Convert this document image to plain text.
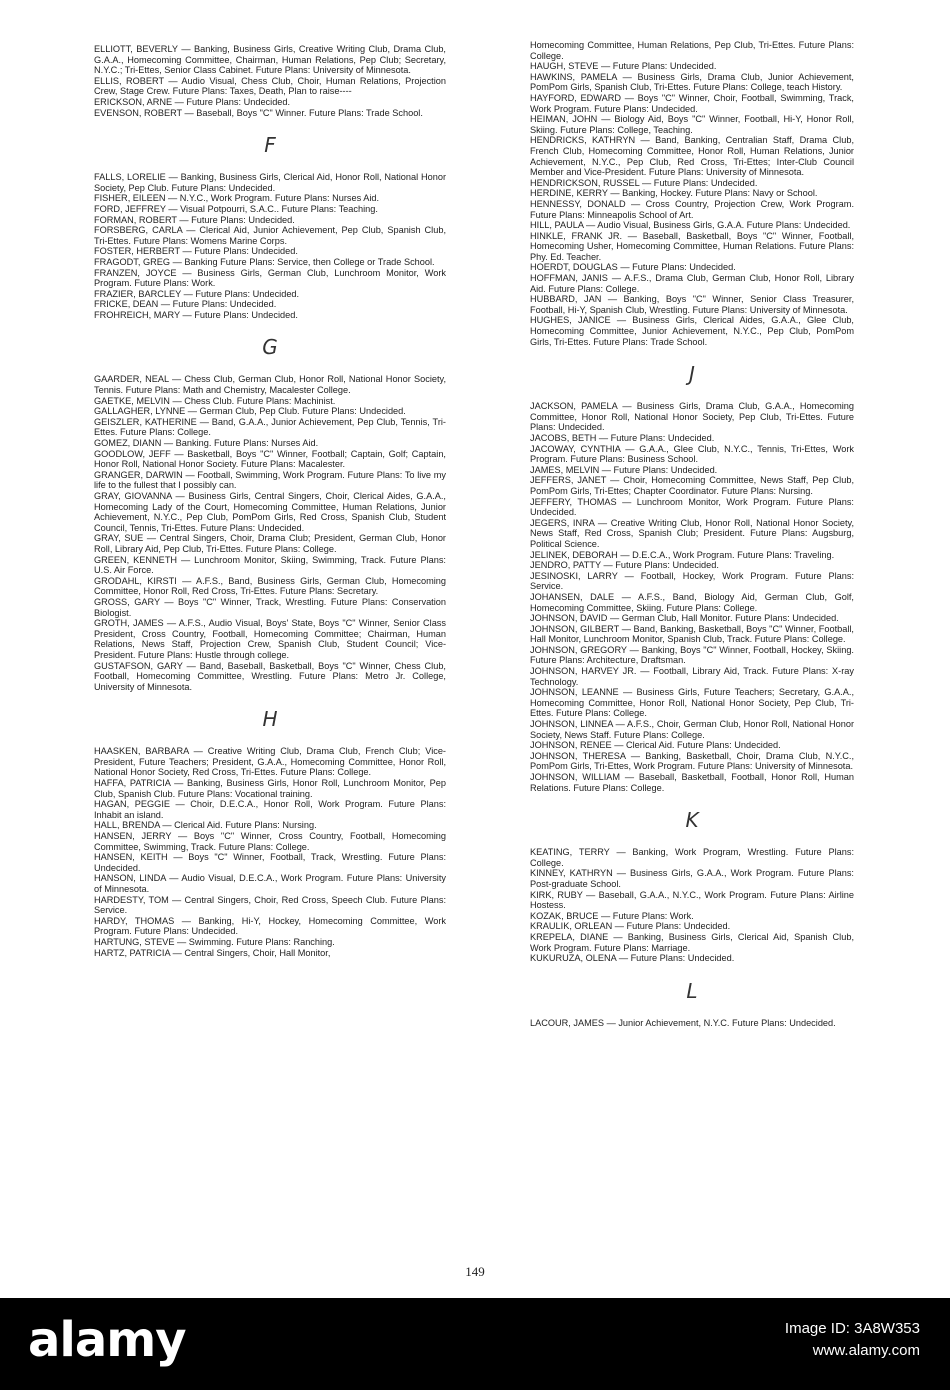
ELLIOTT, BEVERLY — Banking, Business Girls, Creative Writing Club, Drama Club, G.A.A., Homecoming Committee, Chairman, Human Relations, Pep Club; Secretary, N.Y.C.; Tri-Ettes, Senior Class Cabinet. Future Plans: University of Minnesota.

ELLIS, ROBERT — Audio Visual, Chess Club, Choir, Human Relations, Projection Crew, Stage Crew. Future Plans: Taxes, Death, Plan to raise----

ERICKSON, ARNE — Future Plans: Undecided.

EVENSON, ROBERT — Baseball, Boys "C" Winner. Future Plans: Trade School.

F

FALLS, LORELIE — Banking, Business Girls, Clerical Aid, Honor Roll, National Honor Society, Pep Club. Future Plans: Undecided.

FISHER, EILEEN — N.Y.C., Work Program. Future Plans: Nurses Aid.

FORD, JEFFREY — Visual Potpourri, S.A.C.. Future Plans: Teaching.

FORMAN, ROBERT — Future Plans: Undecided.

FORSBERG, CARLA — Clerical Aid, Junior Achievement, Pep Club, Spanish Club, Tri-Ettes. Future Plans: Womens Marine Corps.

FOSTER, HERBERT — Future Plans: Undecided.

FRAGODT, GREG — Banking Future Plans: Service, then College or Trade School.

FRANZEN, JOYCE — Business Girls, German Club, Lunchroom Monitor, Work Program. Future Plans: Work.

FRAZIER, BARCLEY — Future Plans: Undecided.

FRICKE, DEAN — Future Plans: Undecided.

FROHREICH, MARY — Future Plans: Undecided.

G

GAARDER, NEAL — Chess Club, German Club, Honor Roll, National Honor Society, Tennis. Future Plans: Math and Chemistry, Macalester College.

GAETKE, MELVIN — Chess Club. Future Plans: Machinist.

GALLAGHER, LYNNE — German Club, Pep Club. Future Plans: Undecided.

GEISZLER, KATHERINE — Band, G.A.A., Junior Achievement, Pep Club, Tennis, Tri-Ettes. Future Plans: College.

GOMEZ, DIANN — Banking. Future Plans: Nurses Aid.

GOODLOW, JEFF — Basketball, Boys "C" Winner, Football; Captain, Golf; Captain, Honor Roll, National Honor Society. Future Plans: Macalester.

GRANGER, DARWIN — Football, Swimming, Work Program. Future Plans: To live my life to the fullest that I possibly can.

GRAY, GIOVANNA — Business Girls, Central Singers, Choir, Clerical Aides, G.A.A., Homecoming Lady of the Court, Homecoming Committee, Human Relations, Junior Achievement, N.Y.C., Pep Club, PomPom Girls, Red Cross, Spanish Club, Student Council, Tennis, Tri-Ettes. Future Plans: Undecided.

GRAY, SUE — Central Singers, Choir, Drama Club; President, German Club, Honor Roll, Library Aid, Pep Club, Tri-Ettes. Future Plans: College.

GREEN, KENNETH — Lunchroom Monitor, Skiing, Swimming, Track. Future Plans: U.S. Air Force.

GRODAHL, KIRSTI — A.F.S., Band, Business Girls, German Club, Homecoming Committee, Honor Roll, Red Cross, Tri-Ettes. Future Plans: Secretary.

GROSS, GARY — Boys "C" Winner, Track, Wrestling. Future Plans: Conservation Biologist.

GROTH, JAMES — A.F.S., Audio Visual, Boys' State, Boys "C" Winner, Senior Class President, Cross Country, Football, Homecoming Committee; Chairman, Human Relations, News Staff, Projection Crew, Spanish Club, Student Council; Vice-President. Future Plans: Hustle through college.

GUSTAFSON, GARY — Band, Baseball, Basketball, Boys "C" Winner, Chess Club, Football, Homecoming Committee, Wrestling. Future Plans: Metro Jr. College, University of Minnesota.

H

HAASKEN, BARBARA — Creative Writing Club, Drama Club, French Club; Vice-President, Future Teachers; President, G.A.A., Homecoming Committee, Honor Roll, National Honor Society, Red Cross, Tri-Ettes. Future Plans: College.

HAFFA, PATRICIA — Banking, Business Girls, Honor Roll, Lunchroom Monitor, Pep Club, Spanish Club. Future Plans: Vocational training.

HAGAN, PEGGIE — Choir, D.E.C.A., Honor Roll, Work Program. Future Plans: Inhabit an island.

HALL, BRENDA — Clerical Aid. Future Plans: Nursing.

HANSEN, JERRY — Boys "C" Winner, Cross Country, Football, Homecoming Committee, Swimming, Track. Future Plans: College.

HANSEN, KEITH — Boys "C" Winner, Football, Track, Wrestling. Future Plans: Undecided.

HANSON, LINDA — Audio Visual, D.E.C.A., Work Program. Future Plans: University of Minnesota.

HARDESTY, TOM — Central Singers, Choir, Red Cross, Speech Club. Future Plans: Service.

HARDY, THOMAS — Banking, Hi-Y, Hockey, Homecoming Committee, Work Program. Future Plans: Undecided.

HARTUNG, STEVE — Swimming. Future Plans: Ranching.

HARTZ, PATRICIA — Central Singers, Choir, Hall Monitor,

Homecoming Committee, Human Relations, Pep Club, Tri-Ettes. Future Plans: College.

HAUGH, STEVE — Future Plans: Undecided.

HAWKINS, PAMELA — Business Girls, Drama Club, Junior Achievement, PomPom Girls, Spanish Club, Tri-Ettes. Future Plans: College, teach History.

HAYFORD, EDWARD — Boys "C" Winner, Choir, Football, Swimming, Track, Work Program. Future Plans: Undecided.

HEIMAN, JOHN — Biology Aid, Boys "C" Winner, Football, Hi-Y, Honor Roll, Skiing. Future Plans: College, Teaching.

HENDRICKS, KATHRYN — Band, Banking, Centralian Staff, Drama Club, French Club, Homecoming Committee, Honor Roll, Human Relations, Junior Achievement, N.Y.C., Pep Club, Red Cross, Tri-Ettes; Inter-Club Council Member and Vice-President. Future Plans: University of Minnesota.

HENDRICKSON, RUSSEL — Future Plans: Undecided.

HERDINE, KERRY — Banking, Hockey. Future Plans: Navy or School.

HENNESSY, DONALD — Cross Country, Projection Crew, Work Program. Future Plans: Minneapolis School of Art.

HILL, PAULA — Audio Visual, Business Girls, G.A.A. Future Plans: Undecided.

HINKLE, FRANK JR. — Baseball, Basketball, Boys "C" Winner, Football, Homecoming Usher, Homecoming Committee, Human Relations. Future Plans: Phy. Ed. Teacher.

HOERDT, DOUGLAS — Future Plans: Undecided.

HOFFMAN, JANIS — A.F.S., Drama Club, German Club, Honor Roll, Library Aid. Future Plans: College.

HUBBARD, JAN — Banking, Boys "C" Winner, Senior Class Treasurer, Football, Hi-Y, Spanish Club, Wrestling. Future Plans: University of Minnesota.

HUGHES, JANICE — Business Girls, Clerical Aides, G.A.A., Glee Club, Homecoming Committee, Junior Achievement, N.Y.C., Pep Club, PomPom Girls, Tri-Ettes. Future Plans: Trade School.

J

JACKSON, PAMELA — Business Girls, Drama Club, G.A.A., Homecoming Committee, Honor Roll, National Honor Society, Pep Club, Tri-Ettes. Future Plans: Undecided.

JACOBS, BETH — Future Plans: Undecided.

JACOWAY, CYNTHIA — G.A.A., Glee Club, N.Y.C., Tennis, Tri-Ettes, Work Program. Future Plans: Business School.

JAMES, MELVIN — Future Plans: Undecided.

JEFFERS, JANET — Choir, Homecoming Committee, News Staff, Pep Club, PomPom Girls, Tri-Ettes; Chapter Coordinator. Future Plans: Nursing.

JEFFERY, THOMAS — Lunchroom Monitor, Work Program. Future Plans: Undecided.

JEGERS, INRA — Creative Writing Club, Honor Roll, National Honor Society, News Staff, Red Cross, Spanish Club; President. Future Plans: Augsburg, Political Science.

JELINEK, DEBORAH — D.E.C.A., Work Program. Future Plans: Traveling.

JENDRO, PATTY — Future Plans: Undecided.

JESINOSKI, LARRY — Football, Hockey, Work Program. Future Plans: Service.

JOHANSEN, DALE — A.F.S., Band, Biology Aid, German Club, Golf, Homecoming Committee, Skiing. Future Plans: College.

JOHNSON, DAVID — German Club, Hall Monitor. Future Plans: Undecided.

JOHNSON, GILBERT — Band, Banking, Basketball, Boys "C" Winner, Football, Hall Monitor, Lunchroom Monitor, Spanish Club, Track. Future Plans: College.

JOHNSON, GREGORY — Banking, Boys "C" Winner, Football, Hockey, Skiing. Future Plans: Architecture, Draftsman.

JOHNSON, HARVEY JR. — Football, Library Aid, Track. Future Plans: X-ray Technology.

JOHNSON, LEANNE — Business Girls, Future Teachers; Secretary, G.A.A., Homecoming Committee, Honor Roll, National Honor Society, Pep Club, Tri-Ettes. Future Plans: College.

JOHNSON, LINNEA — A.F.S., Choir, German Club, Honor Roll, National Honor Society, News Staff. Future Plans: College.

JOHNSON, RENEE — Clerical Aid. Future Plans: Undecided.

JOHNSON, THERESA — Banking, Basketball, Choir, Drama Club, N.Y.C., PomPom Girls, Tri-Ettes, Work Program. Future Plans: University of Minnesota.

JOHNSON, WILLIAM — Baseball, Basketball, Football, Honor Roll, Human Relations. Future Plans: College.

K

KEATING, TERRY — Banking, Work Program, Wrestling. Future Plans: College.

KINNEY, KATHRYN — Business Girls, G.A.A., Work Program. Future Plans: Post-graduate School.

KIRK, RUBY — Baseball, G.A.A., N.Y.C., Work Program. Future Plans: Airline Hostess.

KOZAK, BRUCE — Future Plans: Work.

KRAULIK, ORLEAN — Future Plans: Undecided.

KREPELA, DIANE — Banking, Business Girls, Clerical Aid, Spanish Club, Work Program. Future Plans: Marriage.

KUKURUZA, OLENA — Future Plans: Undecided.

L

LACOUR, JAMES — Junior Achievement, N.Y.C. Future Plans: Undecided.

149
alamy	Image ID: 3A8W353
www.alamy.com
